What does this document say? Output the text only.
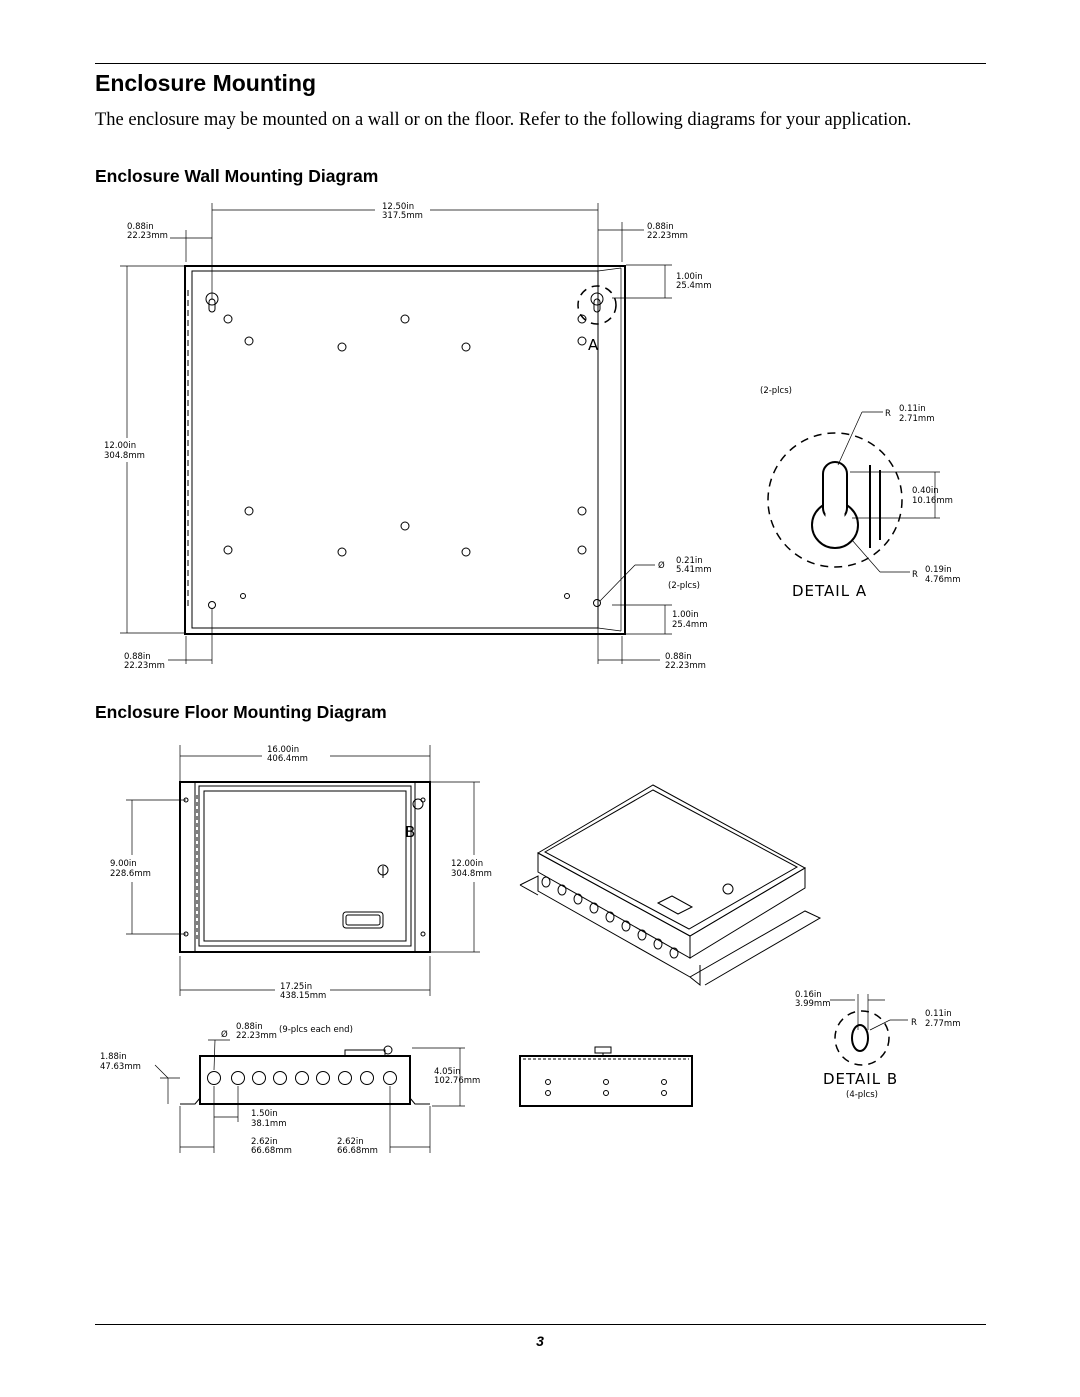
Enclosure Mounting

The enclosure may be mounted on a wall or on the floor. Refer to the following diagrams for your application.

Enclosure Wall Mounting Diagram
Enclosure Floor Mounting Diagram
12.50in
317.5mm
0.88in
22.23mm
0.88in
22.23mm
1.00in
25.4mm
12.00in
304.8mm
A
Ø 0.21in
5.41mm
(2-plcs)
1.00in
25.4mm
0.88in
22.23mm
0.88in
22.23mm
(2-plcs)
R 0.11in
2.71mm
0.40in
10.16mm
R 0.19in
4.76mm
DETAIL A
16.00in
406.4mm
B
9.00in
228.6mm
12.00in
304.8mm
17.25in
438.15mm
Ø
0.88in
22.23mm
(9-plcs each end)
1.88in
47.63mm	4.05in
102.76mm
1.50in
38.1mm
2.62in
66.68mm
2.62in
66.68mm
0.16in
3.99mm
R
0.11in
2.77mm
DETAIL B
(4-plcs)
3
